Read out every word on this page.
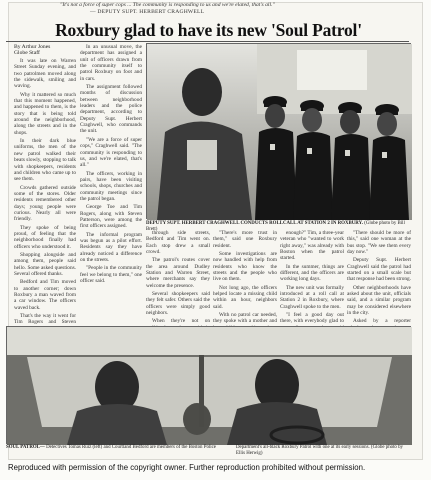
"It's not a force of super cops ... The community is responding to us and we're elated, that's all."
— DEPUTY SUPT. HERBERT CRAGHWELL
Roxbury glad to have its new 'Soul Patrol'
By Arthur Jones
Globe Staff

It was late on Warren Street Sunday evening, and two patrolmen moved along the sidewalk, smiling and waving.

Why it mattered so much that this moment happened, and happened to them, is the story that is being told around the neighborhood, along the streets and in the shops.

In their dark blue uniforms, the men of the new patrol walked their beats slowly, stopping to talk with shopkeepers, residents and children who came up to see them.

Crowds gathered outside some of the stores. Older residents remembered other days; young people were curious. Nearly all were friendly.

They spoke of being proud, of feeling that the neighborhood finally had officers who understood it.

Shopping alongside and among them, people said hello. Some asked questions. Several offered thanks.

Bedford and Tim moved to another corner; down Roxbury a man waved from a car window. The officers waved back.

That's the way it went for Tim Rogers and Steven

In an unusual move, the department has assigned a unit of officers drawn from the community itself to patrol Roxbury on foot and in cars.

The assignment followed months of discussion between neighborhood leaders and the police department, according to Deputy Supt. Herbert Craghwell, who commands the unit.

"We are a force of super cops," Craghwell said. "The community is responding to us, and we're elated, that's all."

The officers, working in pairs, have been visiting schools, shops, churches and community meetings since the patrol began.

George Toe and Tim Rogers, along with Steven Patterson, were among the first officers assigned.

The informal program was begun as a pilot effort. Residents say they have already noticed a difference on the streets.

"People in the community feel we belong to them," one officer said.

DEPUTY SUPT. HERBERT CRAGHWELL CONDUCTS ROLLCALL AT STATION 2 IN ROXBURY. (Globe photo by Bill Brett)

through side streets, Bedford and Tim went on. Each stop drew a small crowd.

The patrol's routes cover the area around Dudley Station and Warren Street, where merchants say they welcome the presence.

Several shopkeepers said they felt safer. Others said the officers were simply good neighbors.

When they're not on

"There's more trust in them," said one Roxbury resident.

Some investigations are now handled with help from residents who know the streets and the people who live on them.

Not long ago, the officers helped locate a missing child within an hour, neighbors said.

With no patrol car needed, they spoke with a mother and

enough?" Tim, a three-year veteran who "wanted to work right away," was already with Boston when the patrol started.

In the summer, things are different, and the officers are working long days.

The new unit was formally introduced at a roll call at Station 2 in Roxbury, where Craghwell spoke to the men.

"I feel a good day out there, with everybody glad to

"There should be more of this," said one woman at the bus stop. "We see them every day now."

Deputy Supt. Herbert Craghwell said the patrol had started on a small scale but that response had been strong.

Other neighborhoods have asked about the unit, officials said, and a similar program may be considered elsewhere in the city.

Asked by a reporter

SOUL PATROL— Detectives Tomas Ruiz (left) and Courtland Bedford are members of the Boston Police	Department's all-black Roxbury Patrol with one at its early sessions. (Globe photo by Ellis Herwig)
Reproduced with permission of the copyright owner. Further reproduction prohibited without permission.
